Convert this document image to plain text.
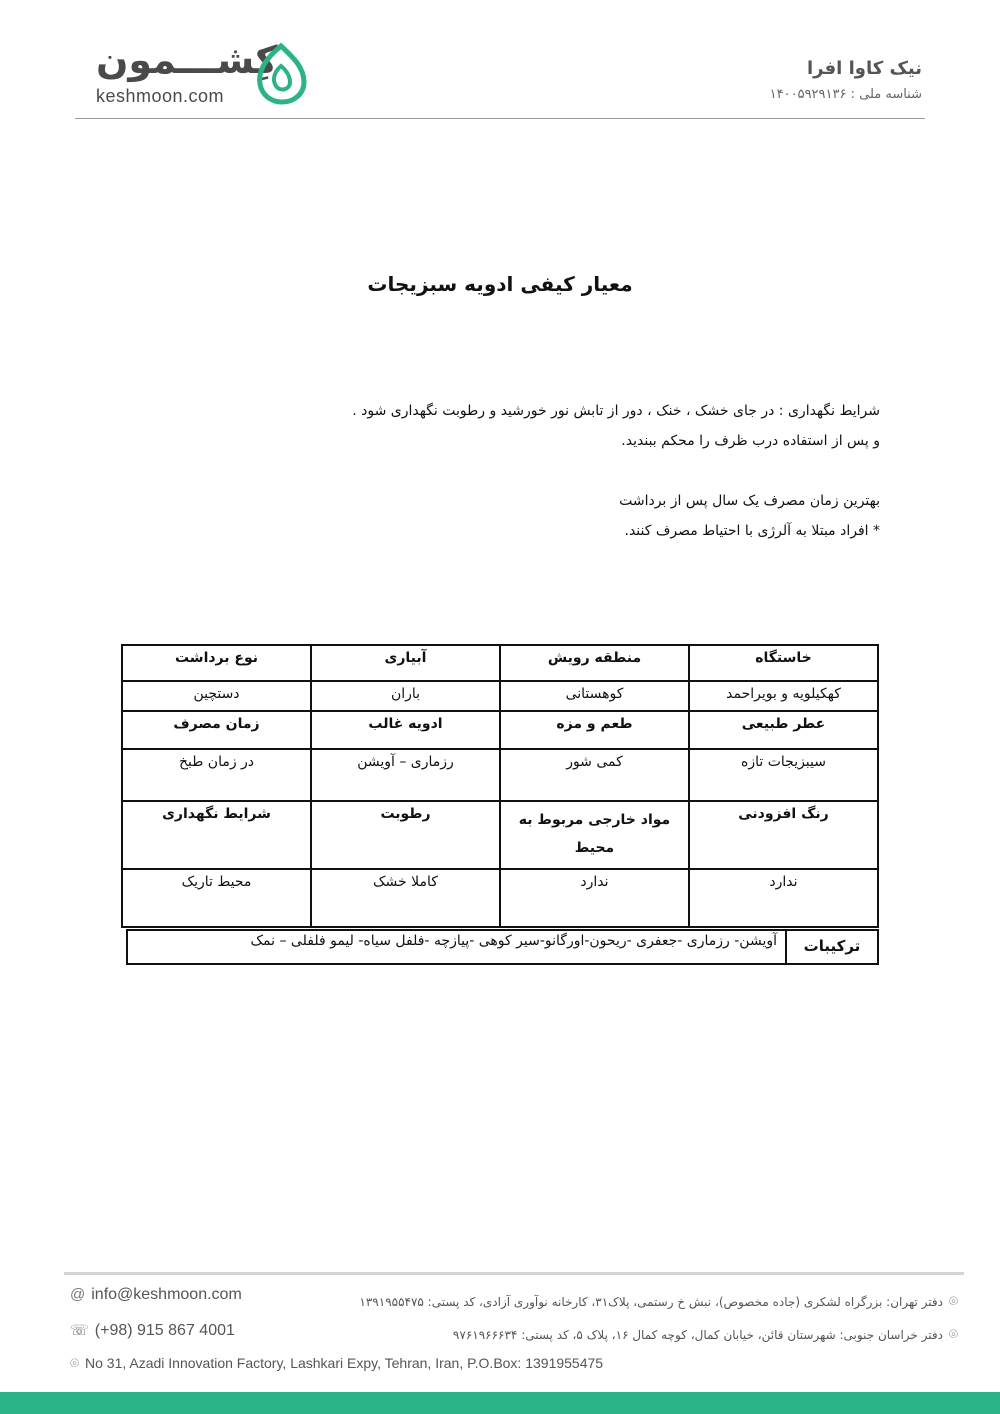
کِشـــمون
keshmoon.com
نیک کاوا افرا
شناسه ملی : ۱۴۰۰۵۹۲۹۱۳۶
معیار کیفی ادویه سبزیجات

شرایط نگهداری : در جای خشک ، خنک ، دور از تابش نور خورشید و رطوبت نگهداری شود .

و پس از استفاده درب ظرف را محکم ببندید.

بهترین زمان مصرف یک سال پس از برداشت

* افراد مبتلا به آلرژی با احتیاط مصرف کنند.

خاستگاه	منطقه رویش	آبیاری	نوع برداشت
کهکیلویه و بویراحمد	کوهستانی	باران	دستچین
عطر طبیعی	طعم و مزه	ادویه غالب	زمان مصرف
سیبزیجات تازه	کمی شور	رزماری – آویشن	در زمان طبخ
رنگ افزودنی	مواد خارجی مربوط به محیط	رطوبت	شرایط نگهداری
ندارد	ندارد	کاملا خشک	محیط تاریک
ترکیبات
آویشن- رزماری -جعفری -ریحون-اورگانو-سیر کوهی -پیازچه -فلفل سیاه- لیمو فلفلی – نمک
@ info@keshmoon.com
☏ (+98) 915 867 4001
⌾ No 31, Azadi Innovation Factory, Lashkari Expy, Tehran, Iran, P.O.Box: 1391955475
⌾دفتر تهران: بزرگراه لشکری (جاده مخصوص)، نبش خ رستمی، پلاک۳۱، کارخانه نوآوری آزادی، کد پستی: ۱۳۹۱۹۵۵۴۷۵
⌾دفتر خراسان جنوبی: شهرستان قائن، خیابان کمال، کوچه کمال ۱۶، پلاک ۵، کد پستی: ۹۷۶۱۹۶۶۶۳۴
